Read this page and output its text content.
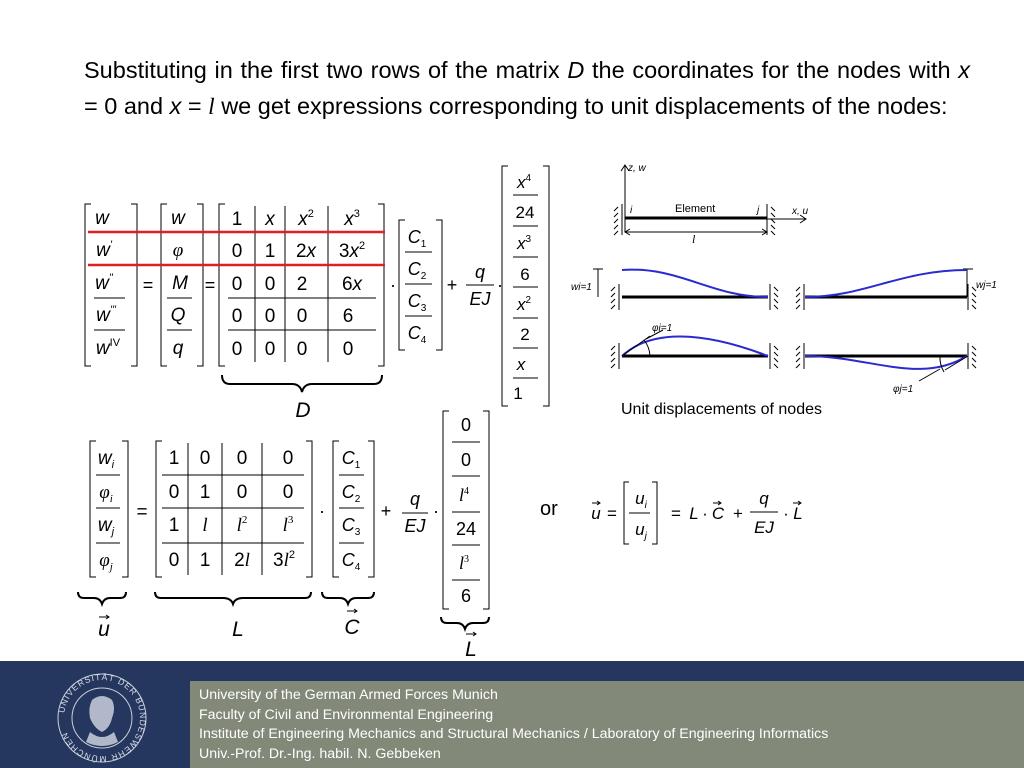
Substituting in the first two rows of the matrix D the coordinates for the nodes with x = 0 and x = l we get expressions corresponding to unit displacements of the nodes:
w
w'
w"
w'"
$w^{IV}$
w
φ
M
Q
q
=	=	·	+ ·
1 x $x^2$ $x^3$
0 1 2x $3x^2$
0 0 2 6x
0 0 0 6
0 0 0 0
$C_1$
$C_2$
$C_3$
$C_4$
q
EJ
$x^4$
24
$x^3$
6
$x^2$
2
x
1
D
$w_i$
$\varphi_i$
$w_j$
$\varphi_j$
=
1 0 0 0
0 1 0 0
1 l $l^2$ $l^3$
0 1 2l $3l^2$
·	+ ·
$C_1$
$C_2$
$C_3$
$C_4$
q
EJ
0
0
$l^4$
24
$l^3$
6
u	L	C
L
u =
$u_i$
$u_j$
= L · C +
q
EJ
· L
z, w
x, u
Element
i	j
l
wi=1	wj=1
φi=1
φj=1
Unit displacements of nodes
or
UNIVERSITÄT DER BUNDESWEHR MÜNCHEN
University of the German Armed Forces Munich
Faculty of Civil and Environmental Engineering
Institute of Engineering Mechanics and Structural Mechanics / Laboratory of Engineering Informatics
Univ.-Prof. Dr.-Ing. habil. N. Gebbeken
